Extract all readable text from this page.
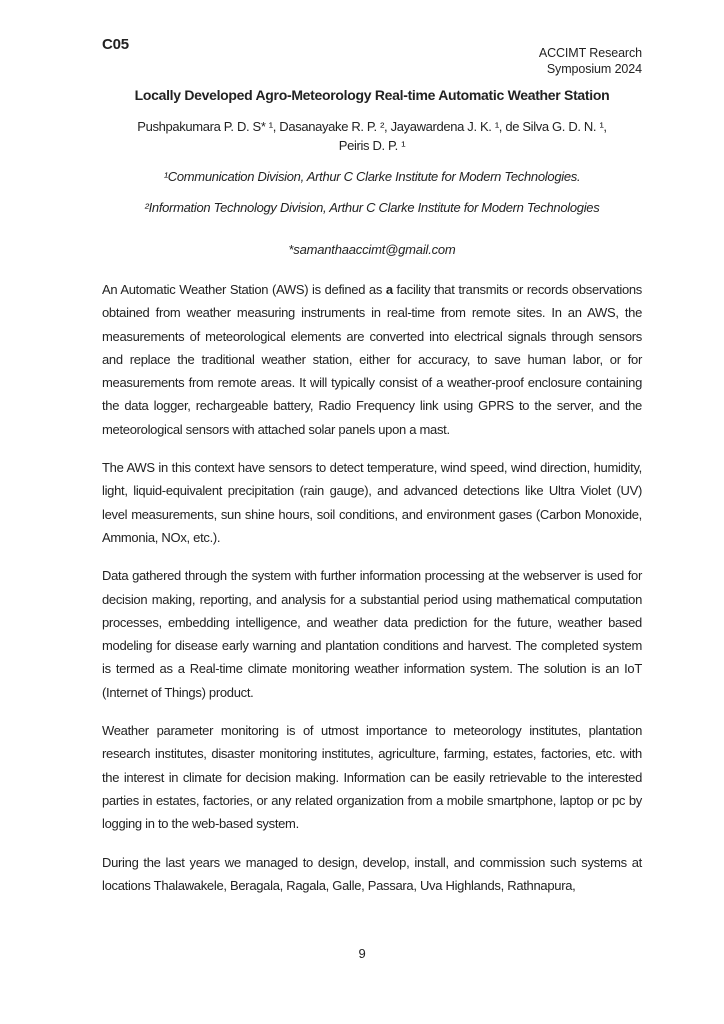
C05	ACCIMT Research
Symposium 2024
Locally Developed Agro-Meteorology Real-time Automatic Weather Station
Pushpakumara P. D. S* ¹, Dasanayake R. P. ², Jayawardena J. K. ¹, de Silva G. D. N. ¹,
Peiris D. P. ¹
¹Communication Division, Arthur C Clarke Institute for Modern Technologies.
²Information Technology Division, Arthur C Clarke Institute for Modern Technologies
*samanthaaccimt@gmail.com

An Automatic Weather Station (AWS) is defined as a facility that transmits or records observations obtained from weather measuring instruments in real-time from remote sites. In an AWS, the measurements of meteorological elements are converted into electrical signals through sensors and replace the traditional weather station, either for accuracy, to save human labor, or for measurements from remote areas. It will typically consist of a weather-proof enclosure containing the data logger, rechargeable battery, Radio Frequency link using GPRS to the server, and the meteorological sensors with attached solar panels upon a mast.

The AWS in this context have sensors to detect temperature, wind speed, wind direction, humidity, light, liquid-equivalent precipitation (rain gauge), and advanced detections like Ultra Violet (UV) level measurements, sun shine hours, soil conditions, and environment gases (Carbon Monoxide, Ammonia, NOx, etc.).

Data gathered through the system with further information processing at the webserver is used for decision making, reporting, and analysis for a substantial period using mathematical computation processes, embedding intelligence, and weather data prediction for the future, weather based modeling for disease early warning and plantation conditions and harvest. The completed system is termed as a Real-time climate monitoring weather information system. The solution is an IoT (Internet of Things) product.

Weather parameter monitoring is of utmost importance to meteorology institutes, plantation research institutes, disaster monitoring institutes, agriculture, farming, estates, factories, etc. with the interest in climate for decision making. Information can be easily retrievable to the interested parties in estates, factories, or any related organization from a mobile smartphone, laptop or pc by logging in to the web-based system.

During the last years we managed to design, develop, install, and commission such systems at locations Thalawakele, Beragala, Ragala, Galle, Passara, Uva Highlands, Rathnapura,

9
